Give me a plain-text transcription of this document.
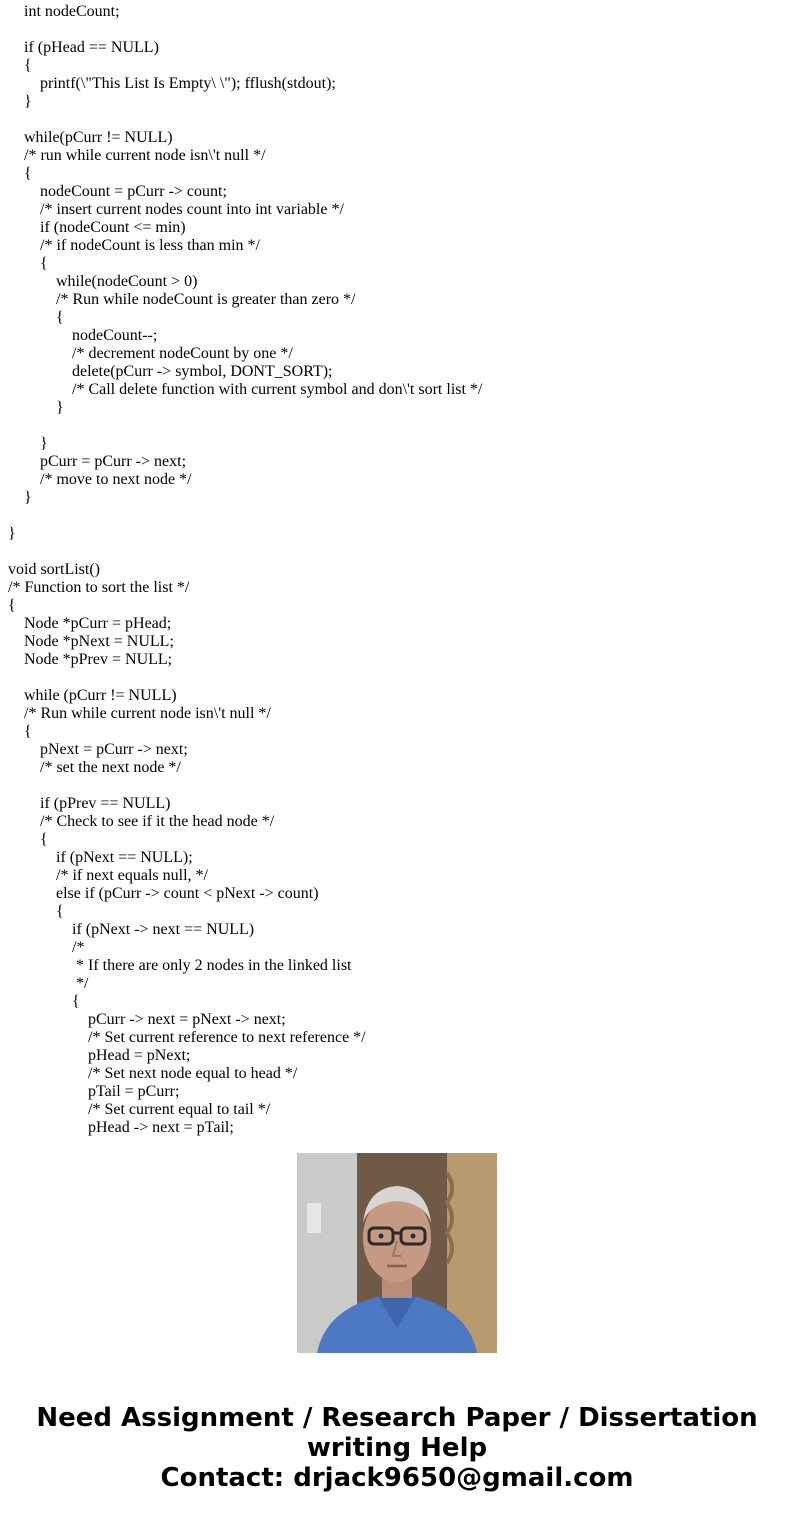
int nodeCount;
if (pHead == NULL)
{
printf(\"This List Is Empty\ \"); fflush(stdout);
}
while(pCurr != NULL)
/* run while current node isn\'t null */
{
nodeCount = pCurr -> count;
/* insert current nodes count into int variable */
if (nodeCount <= min)
/* if nodeCount is less than min */
{
while(nodeCount > 0)
/* Run while nodeCount is greater than zero */
{
nodeCount--;
/* decrement nodeCount by one */
delete(pCurr -> symbol, DONT_SORT);
/* Call delete function with current symbol and don\'t sort list */
}
}
pCurr = pCurr -> next;
/* move to next node */
}
}
void sortList()
/* Function to sort the list */
{
Node *pCurr = pHead;
Node *pNext = NULL;
Node *pPrev = NULL;
while (pCurr != NULL)
/* Run while current node isn\'t null */
{
pNext = pCurr -> next;
/* set the next node */
if (pPrev == NULL)
/* Check to see if it the head node */
{
if (pNext == NULL);
/* if next equals null, */
else if (pCurr -> count < pNext -> count)
{
if (pNext -> next == NULL)
/*
* If there are only 2 nodes in the linked list
*/
{
pCurr -> next = pNext -> next;
/* Set current reference to next reference */
pHead = pNext;
/* Set next node equal to head */
pTail = pCurr;
/* Set current equal to tail */
pHead -> next = pTail;
Need Assignment / Research Paper / Dissertation
writing Help
Contact: drjack9650@gmail.com
